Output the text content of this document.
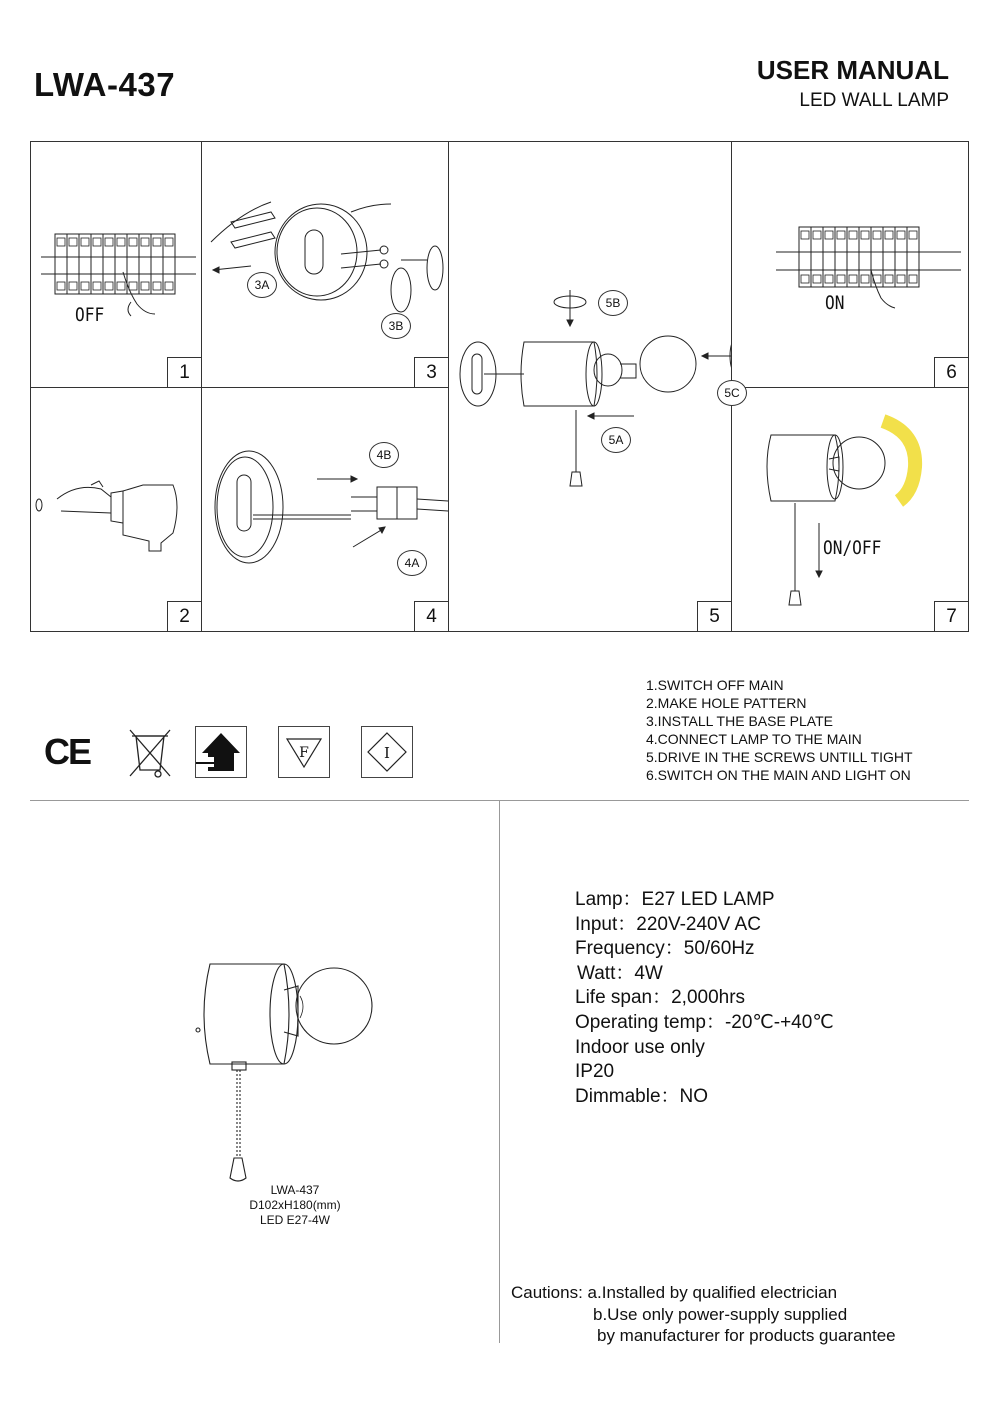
LWA-437	USER MANUAL
LED WALL LAMP
OFF
1
3A
3B
3
5B
5C
5A
5
ON
6
2
4B
4A
4
ON/OFF
7
CE	F	I
1.SWITCH OFF MAIN
2.MAKE HOLE PATTERN
3.INSTALL THE BASE PLATE
4.CONNECT LAMP TO THE MAIN
5.DRIVE IN THE SCREWS UNTILL TIGHT
6.SWITCH ON THE MAIN AND LIGHT ON
LWA-437
D102xH180(mm)
LED E27-4W
Lamp：E27 LED LAMP
Input：220V-240V AC
Frequency：50/60Hz
Watt：4W
Life span：2,000hrs
Operating temp：-20℃-+40℃
Indoor use only
IP20
Dimmable：NO
Cautions: a.Installed by qualified electrician
b.Use only power-supply supplied
by manufacturer for products guarantee
